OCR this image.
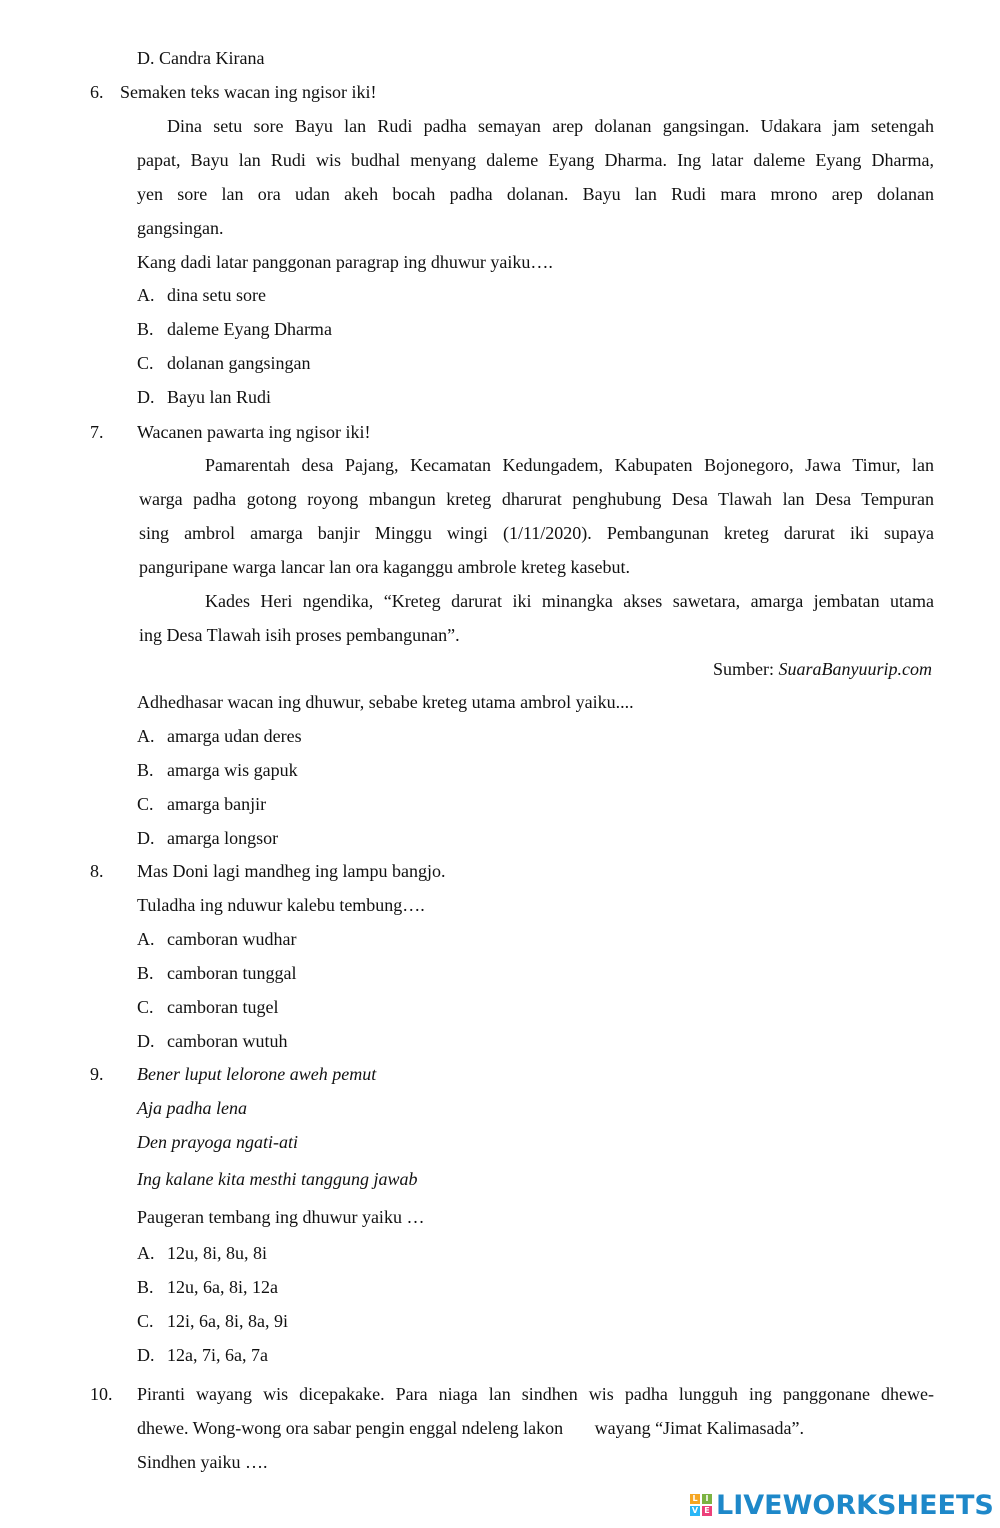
D. Candra Kirana
6. Semaken teks wacan ing ngisor iki!
Dina setu sore Bayu lan Rudi padha semayan arep dolanan gangsingan. Udakara jam setengah
papat, Bayu lan Rudi wis budhal menyang daleme Eyang Dharma. Ing latar daleme Eyang Dharma,
yen sore lan ora udan akeh bocah padha dolanan. Bayu lan Rudi mara mrono arep dolanan
gangsingan.
Kang dadi latar panggonan paragrap ing dhuwur yaiku….
A. dina setu sore
B. daleme Eyang Dharma
C. dolanan gangsingan
D. Bayu lan Rudi
7. Wacanen pawarta ing ngisor iki!
Pamarentah desa Pajang, Kecamatan Kedungadem, Kabupaten Bojonegoro, Jawa Timur, lan
warga padha gotong royong mbangun kreteg dharurat penghubung Desa Tlawah lan Desa Tempuran
sing ambrol amarga banjir Minggu wingi (1/11/2020). Pembangunan kreteg darurat iki supaya
panguripane warga lancar lan ora kaganggu ambrole kreteg kasebut.
Kades Heri ngendika, “Kreteg darurat iki minangka akses sawetara, amarga jembatan utama
ing Desa Tlawah isih proses pembangunan”.
Sumber: SuaraBanyuurip.com
Adhedhasar wacan ing dhuwur, sebabe kreteg utama ambrol yaiku....
A. amarga udan deres
B. amarga wis gapuk
C. amarga banjir
D. amarga longsor
8. Mas Doni lagi mandheg ing lampu bangjo.
Tuladha ing nduwur kalebu tembung….
A. camboran wudhar
B. camboran tunggal
C. camboran tugel
D. camboran wutuh
9. Bener luput lelorone aweh pemut
Aja padha lena
Den prayoga ngati-ati
Ing kalane kita mesthi tanggung jawab
Paugeran tembang ing dhuwur yaiku …
A. 12u, 8i, 8u, 8i
B. 12u, 6a, 8i, 12a
C. 12i, 6a, 8i, 8a, 9i
D. 12a, 7i, 6a, 7a
10. Piranti wayang wis dicepakake. Para niaga lan sindhen wis padha lungguh ing panggonane dhewe-
dhewe. Wong-wong ora sabar pengin enggal ndeleng lakon       wayang “Jimat Kalimasada”.
Sindhen yaiku ….
L I
V E LIVEWORKSHEETS
